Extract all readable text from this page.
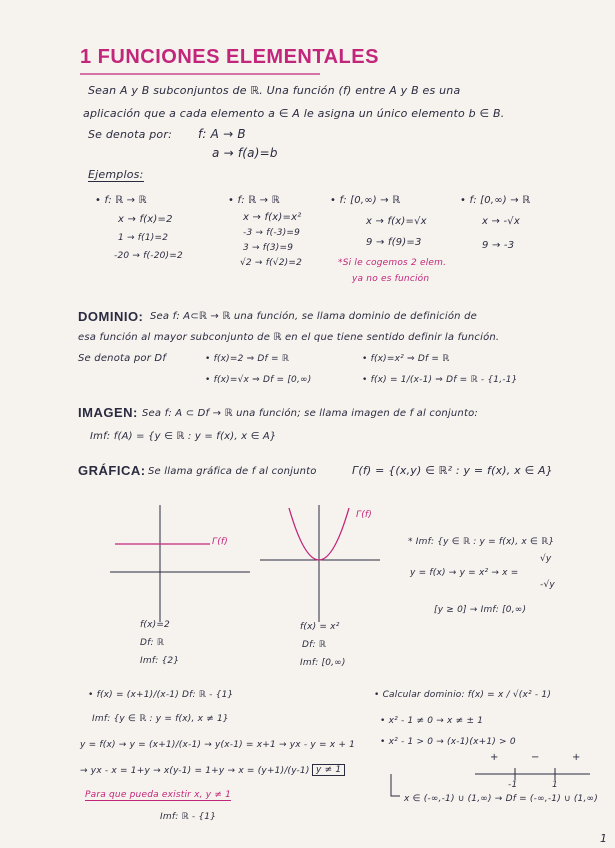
1 FUNCIONES ELEMENTALES
Sean A y B subconjuntos de ℝ. Una función (f) entre A y B es una
aplicación que a cada elemento a ∈ A le asigna un único elemento b ∈ B.
Se denota por: f: A → B
a → f(a)=b
Ejemplos:
• f: ℝ → ℝ
x → f(x)=2
1 → f(1)=2
-20 → f(-20)=2
• f: ℝ → ℝ
x → f(x)=x²
-3 → f(-3)=9
3 → f(3)=9
√2 → f(√2)=2
• f: [0,∞) → ℝ
x → f(x)=√x
9 → f(9)=3
*Si le cogemos 2 elem.
ya no es función
• f: [0,∞) → ℝ
x → -√x
9 → -3
DOMINIO: Sea f: A⊂ℝ → ℝ una función, se llama dominio de definición de
esa función al mayor subconjunto de ℝ en el que tiene sentido definir la función.
Se denota por Df	• f(x)=2 ⇒ Df = ℝ	• f(x)=x² ⇒ Df = ℝ
• f(x)=√x ⇒ Df = [0,∞)	• f(x) = 1/(x-1) ⇒ Df = ℝ - {1,-1}
IMAGEN: Sea f: A ⊂ Df → ℝ una función; se llama imagen de f al conjunto:
Imf: f(A) = {y ∈ ℝ : y = f(x), x ∈ A}
GRÁFICA: Se llama gráfica de f al conjunto	Γ(f) = {(x,y) ∈ ℝ² : y = f(x), x ∈ A}
Γ(f)
f(x)=2
Df: ℝ
Imf: {2}
Γ(f)
f(x) = x²
Df: ℝ
Imf: [0,∞)
* Imf: {y ∈ ℝ : y = f(x), x ∈ ℝ}
y = f(x) → y = x² → x =
√y
-√y
[y ≥ 0] → Imf: [0,∞)
• f(x) = (x+1)/(x-1) Df: ℝ - {1}
Imf: {y ∈ ℝ : y = f(x), x ≠ 1}
y = f(x) → y = (x+1)/(x-1) → y(x-1) = x+1 → yx - y = x + 1
→ yx - x = 1+y → x(y-1) = 1+y → x = (y+1)/(y-1) y ≠ 1
Para que pueda existir x, y ≠ 1
Imf: ℝ - {1}
• Calcular dominio: f(x) = x / √(x² - 1)
• x² - 1 ≠ 0 → x ≠ ± 1
• x² - 1 > 0 → (x-1)(x+1) > 0
+	−	+
-1	1
x ∈ (-∞,-1) ∪ (1,∞) → Df = (-∞,-1) ∪ (1,∞)
1
